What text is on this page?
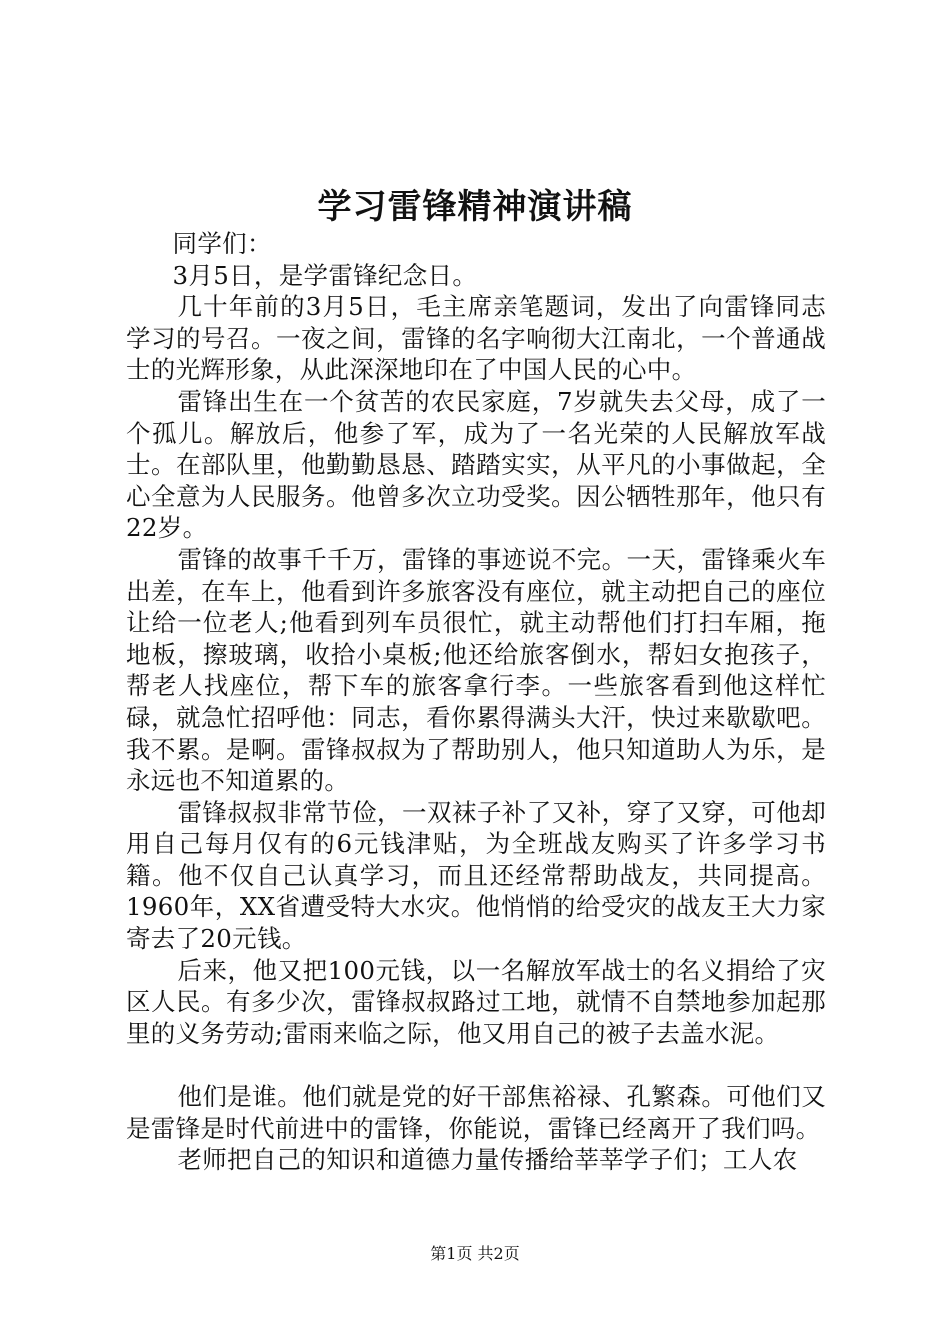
学习雷锋精神演讲稿

同学们：

3月5日，是学雷锋纪念日。

几十年前的3月5日，毛主席亲笔题词，发出了向雷锋同志学习的号召。一夜之间，雷锋的名字响彻大江南北，一个普通战士的光辉形象，从此深深地印在了中国人民的心中。

雷锋出生在一个贫苦的农民家庭，7岁就失去父母，成了一个孤儿。解放后，他参了军，成为了一名光荣的人民解放军战士。在部队里，他勤勤恳恳、踏踏实实，从平凡的小事做起，全心全意为人民服务。他曾多次立功受奖。因公牺牲那年，他只有22岁。

雷锋的故事千千万，雷锋的事迹说不完。一天，雷锋乘火车出差，在车上，他看到许多旅客没有座位，就主动把自己的座位让给一位老人;他看到列车员很忙，就主动帮他们打扫车厢，拖地板，擦玻璃，收拾小桌板;他还给旅客倒水，帮妇女抱孩子，帮老人找座位，帮下车的旅客拿行李。一些旅客看到他这样忙碌，就急忙招呼他：同志，看你累得满头大汗，快过来歇歇吧。我不累。是啊。雷锋叔叔为了帮助别人，他只知道助人为乐，是永远也不知道累的。

雷锋叔叔非常节俭，一双袜子补了又补，穿了又穿，可他却用自己每月仅有的6元钱津贴，为全班战友购买了许多学习书籍。他不仅自己认真学习，而且还经常帮助战友，共同提高。1960年，XX省遭受特大水灾。他悄悄的给受灾的战友王大力家寄去了20元钱。

后来，他又把100元钱，以一名解放军战士的名义捐给了灾区人民。有多少次，雷锋叔叔路过工地，就情不自禁地参加起那里的义务劳动;雷雨来临之际，他又用自己的被子去盖水泥。

他们是谁。他们就是党的好干部焦裕禄、孔繁森。可他们又是雷锋是时代前进中的雷锋，你能说，雷锋已经离开了我们吗。

老师把自己的知识和道德力量传播给莘莘学子们；工人农

第1页 共2页
